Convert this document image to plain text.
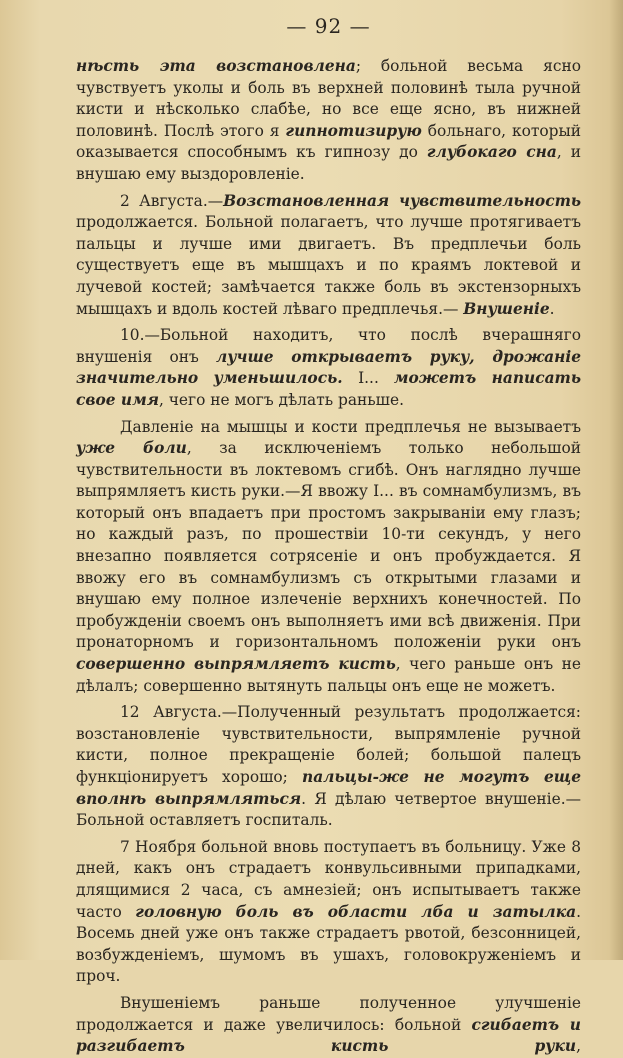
— 92 —

нѣсть эта возстановлена; больной весьма ясно чувствуетъ уколы и боль въ верхней половинѣ тыла ручной кисти и нѣсколько слабѣе, но все еще ясно, въ нижней половинѣ. Послѣ этого я гипнотизирую больнаго, который оказывается способнымъ къ гипнозу до глубокаго сна, и внушаю ему выздоровленіе.

2 Августа.—Возстановленная чувствительность продолжается. Больной полагаетъ, что лучше протягиваетъ пальцы и лучше ими двигаетъ. Въ предплечьи боль существуетъ еще въ мышцахъ и по краямъ локтевой и лучевой костей; замѣчается также боль въ экстензорныхъ мышцахъ и вдоль костей лѣваго предплечья.— Внушеніе.

10.—Больной находитъ, что послѣ вчерашняго внушенія онъ лучше открываетъ руку, дрожаніе значительно уменьшилось. I... можетъ написать свое имя, чего не могъ дѣлать раньше.

Давленіе на мышцы и кости предплечья не вызываетъ уже боли, за исключеніемъ только небольшой чувствительности въ локтевомъ сгибѣ. Онъ наглядно лучше выпрямляетъ кисть руки.—Я ввожу I... въ сомнамбулизмъ, въ который онъ впадаетъ при простомъ закрываніи ему глазъ; но каждый разъ, по прошествіи 10-ти секундъ, у него внезапно появляется сотрясеніе и онъ пробуждается. Я ввожу его въ сомнамбулизмъ съ открытыми глазами и внушаю ему полное излеченіе верхнихъ конечностей. По пробужденіи своемъ онъ выполняетъ ими всѣ движенія. При пронаторномъ и горизонтальномъ положеніи руки онъ совершенно выпрямляетъ кисть, чего раньше онъ не дѣлалъ; совершенно вытянуть пальцы онъ еще не можетъ.

12 Августа.—Полученный результатъ продолжается: возстановленіе чувствительности, выпрямленіе ручной кисти, полное прекращеніе болей; большой палецъ функціонируетъ хорошо; пальцы-же не могутъ еще вполнѣ выпрямляться. Я дѣлаю четвертое внушеніе.—Больной оставляетъ госпиталь.

7 Ноября больной вновь поступаетъ въ больницу. Уже 8 дней, какъ онъ страдаетъ конвульсивными припадками, длящимися 2 часа, съ амнезіей; онъ испытываетъ также часто головную боль въ области лба и затылка. Восемь дней уже онъ также страдаетъ рвотой, безсонницей, возбужденіемъ, шумомъ въ ушахъ, головокруженіемъ и проч.

Внушеніемъ раньше полученное улучшеніе продолжается и даже увеличилось: больной сгибаетъ и разгибаетъ кисть руки,
